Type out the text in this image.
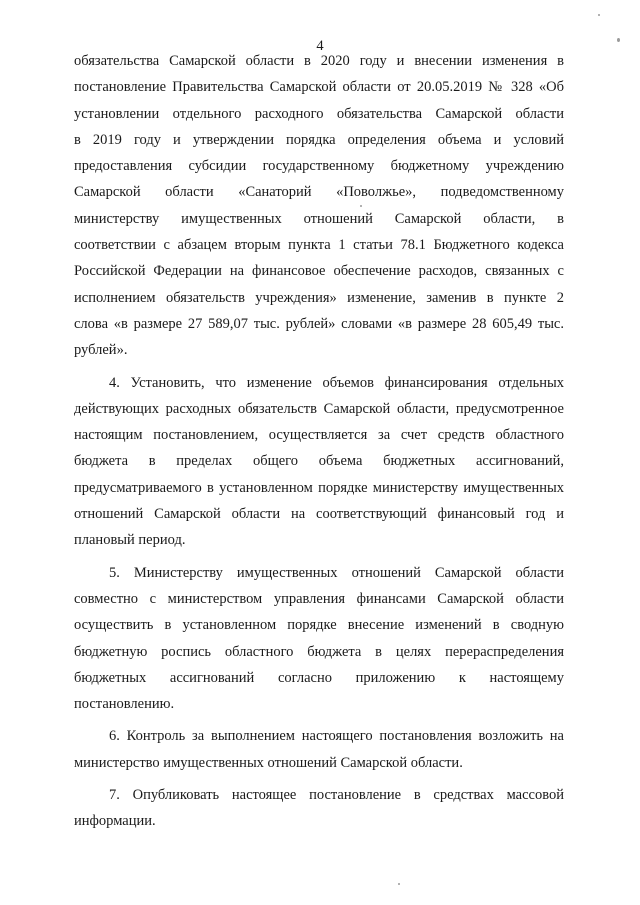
4
обязательства Самарской области в 2020 году и внесении изменения в
постановление Правительства Самарской области от 20.05.2019 № 328 «Об
установлении отдельного расходного обязательства Самарской области
в 2019 году и утверждении порядка определения объема и условий
предоставления субсидии государственному бюджетному учреждению
Самарской области «Санаторий «Поволжье», подведомственному
министерству имущественных отношений Самарской области, в
соответствии с абзацем вторым пункта 1 статьи 78.1 Бюджетного кодекса
Российской Федерации на финансовое обеспечение расходов, связанных с
исполнением обязательств учреждения» изменение, заменив в пункте 2
слова «в размере 27 589,07 тыс. рублей» словами «в размере 28 605,49 тыс.
рублей».
4. Установить, что изменение объемов финансирования отдельных
действующих расходных обязательств Самарской области, предусмотренное
настоящим постановлением, осуществляется за счет средств областного
бюджета в пределах общего объема бюджетных ассигнований,
предусматриваемого в установленном порядке министерству имущественных
отношений Самарской области на соответствующий финансовый год и
плановый период.
5. Министерству имущественных отношений Самарской области
совместно с министерством управления финансами Самарской области
осуществить в установленном порядке внесение изменений в сводную
бюджетную роспись областного бюджета в целях перераспределения
бюджетных ассигнований согласно приложению к настоящему
постановлению.
6. Контроль за выполнением настоящего постановления возложить на
министерство имущественных отношений Самарской области.
7. Опубликовать настоящее постановление в средствах массовой
информации.
